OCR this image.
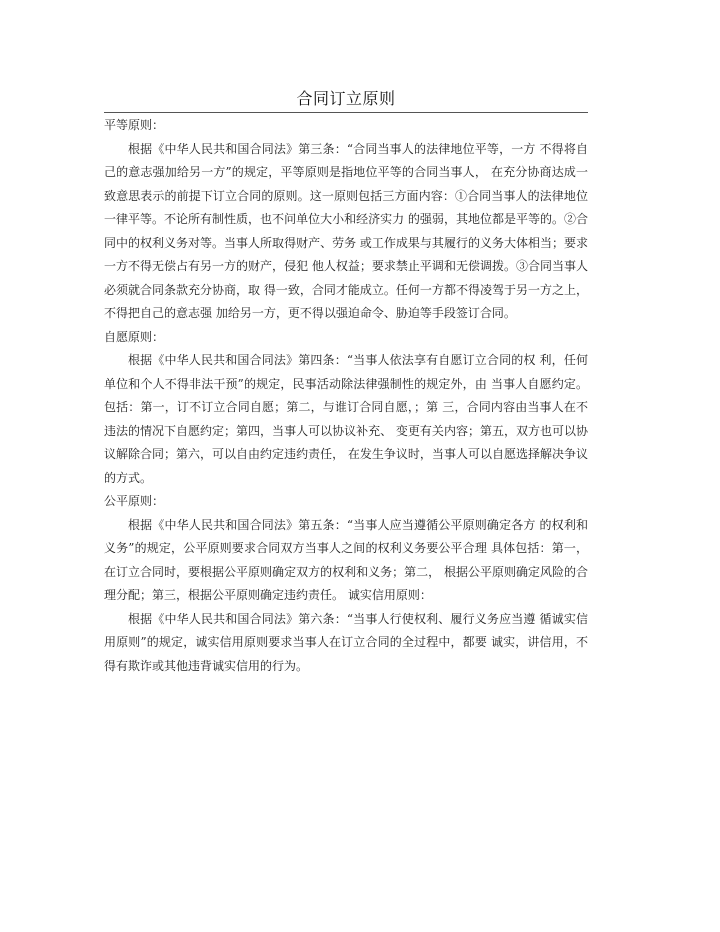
合同订立原则

平等原则：

根据《中华人民共和国合同法》第三条：“合同当事人的法律地位平等，一方 不得将自己的意志强加给另一方”的规定，平等原则是指地位平等的合同当事人， 在充分协商达成一致意思表示的前提下订立合同的原则。这一原则包括三方面内容：①合同当事人的法律地位一律平等。不论所有制性质，也不问单位大小和经济实力 的强弱，其地位都是平等的。②合同中的权利义务对等。当事人所取得财产、劳务 或工作成果与其履行的义务大体相当；要求一方不得无偿占有另一方的财产，侵犯 他人权益；要求禁止平调和无偿调拨。③合同当事人必须就合同条款充分协商，取 得一致，合同才能成立。任何一方都不得凌驾于另一方之上，不得把自己的意志强 加给另一方，更不得以强迫命令、胁迫等手段签订合同。

自愿原则：

根据《中华人民共和国合同法》第四条：“当事人依法享有自愿订立合同的权 利，任何单位和个人不得非法干预”的规定，民事活动除法律强制性的规定外，由 当事人自愿约定。包括：第一，订不订立合同自愿；第二，与谁订合同自愿，；第 三，合同内容由当事人在不违法的情况下自愿约定；第四，当事人可以协议补充、 变更有关内容；第五，双方也可以协议解除合同；第六，可以自由约定违约责任， 在发生争议时，当事人可以自愿选择解决争议的方式。

公平原则：

根据《中华人民共和国合同法》第五条：“当事人应当遵循公平原则确定各方 的权利和义务”的规定，公平原则要求合同双方当事人之间的权利义务要公平合理 具体包括：第一，在订立合同时，要根据公平原则确定双方的权利和义务；第二， 根据公平原则确定风险的合理分配；第三，根据公平原则确定违约责任。 诚实信用原则：

根据《中华人民共和国合同法》第六条：“当事人行使权利、履行义务应当遵 循诚实信用原则”的规定，诚实信用原则要求当事人在订立合同的全过程中，都要 诚实，讲信用，不得有欺诈或其他违背诚实信用的行为。
